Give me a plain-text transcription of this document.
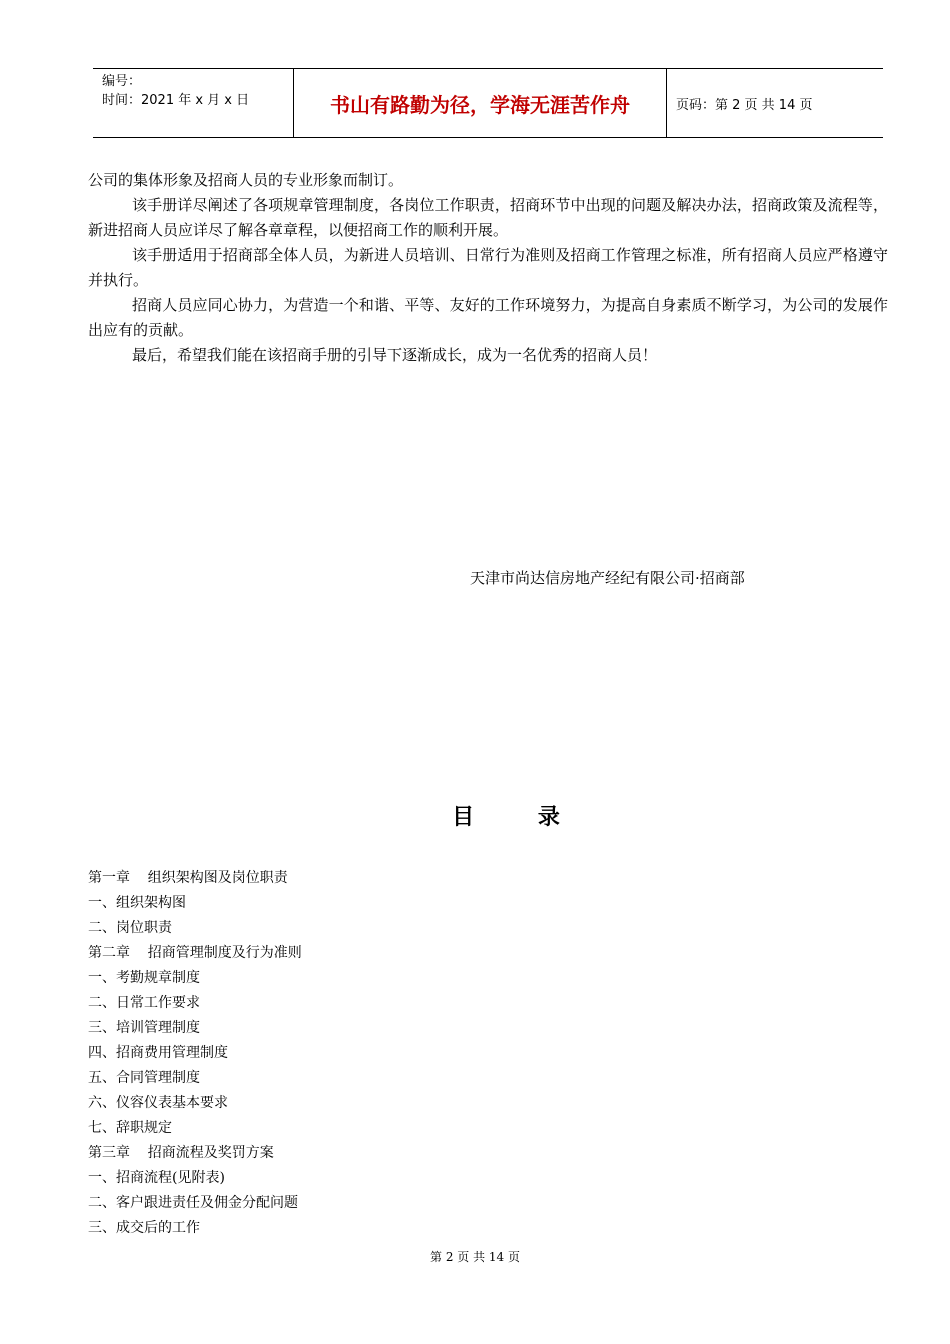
编号：
时间：2021 年 x 月 x 日	书山有路勤为径，学海无涯苦作舟	页码：第 2 页 共 14 页

公司的集体形象及招商人员的专业形象而制订。

该手册详尽阐述了各项规章管理制度，各岗位工作职责，招商环节中出现的问题及解决办法，招商政策及流程等，新进招商人员应详尽了解各章章程，以便招商工作的顺利开展。

该手册适用于招商部全体人员，为新进人员培训、日常行为准则及招商工作管理之标准，所有招商人员应严格遵守并执行。

招商人员应同心协力，为营造一个和谐、平等、友好的工作环境努力，为提高自身素质不断学习，为公司的发展作出应有的贡献。

最后，希望我们能在该招商手册的引导下逐渐成长，成为一名优秀的招商人员！

天津市尚达信房地产经纪有限公司·招商部
目 录
第一章    组织架构图及岗位职责
一、组织架构图
二、岗位职责
第二章    招商管理制度及行为准则
一、考勤规章制度
二、日常工作要求
三、培训管理制度
四、招商费用管理制度
五、合同管理制度
六、仪容仪表基本要求
七、辞职规定
第三章    招商流程及奖罚方案
一、招商流程(见附表)
二、客户跟进责任及佣金分配问题
三、成交后的工作
第 2 页 共 14 页
